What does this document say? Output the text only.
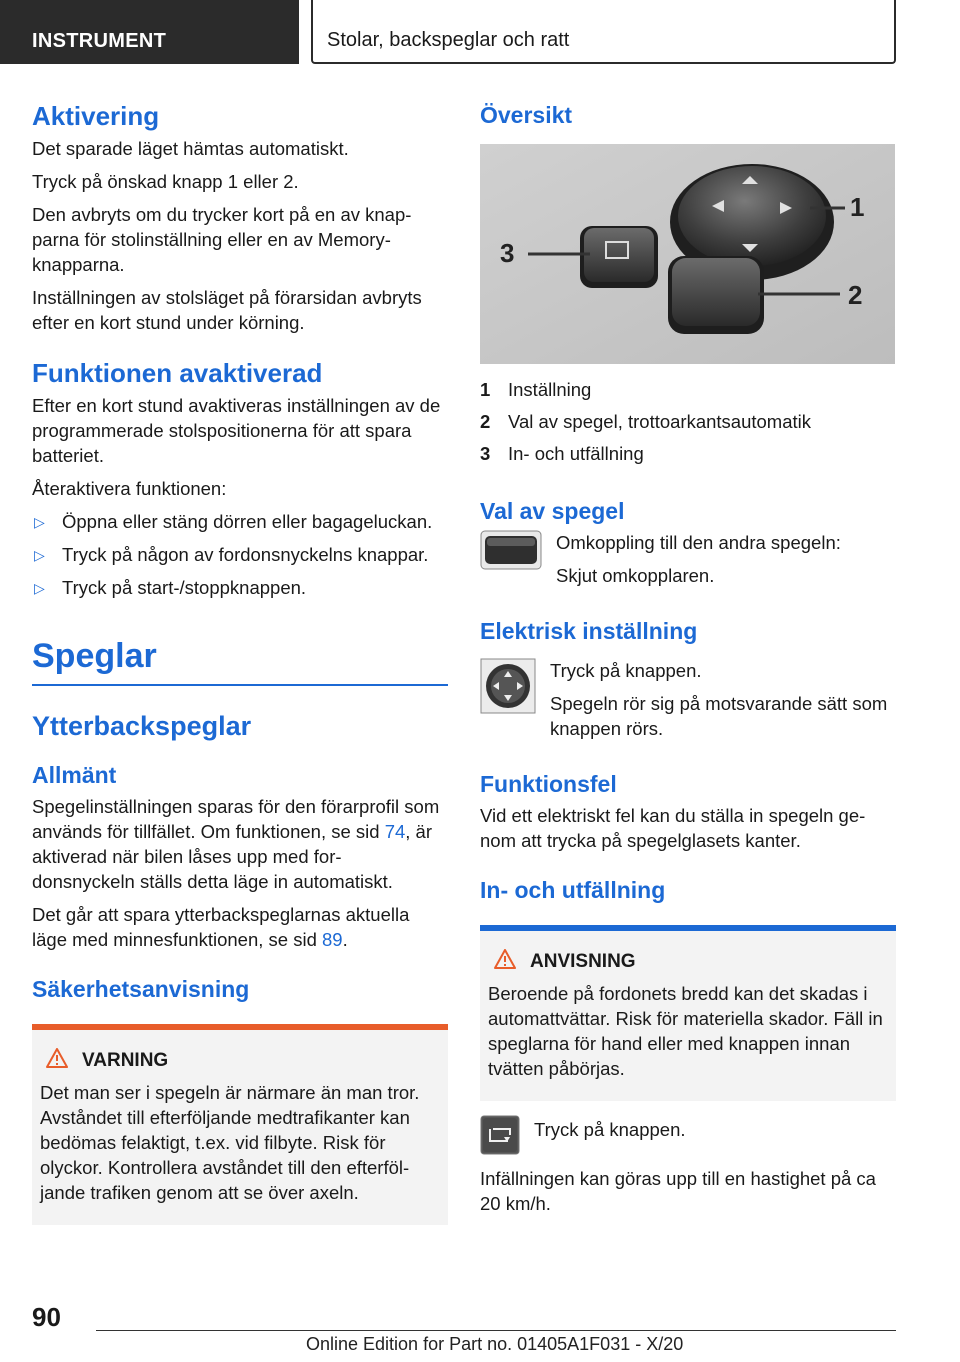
INSTRUMENT	Stolar, backspeglar och ratt
Aktivering

Det sparade läget hämtas automatiskt.

Tryck på önskad knapp 1 eller 2.

Den avbryts om du trycker kort på en av knap‐ parna för stolinställning eller en av Memory- knapparna.

Inställningen av stolsläget på förarsidan avbryts efter en kort stund under körning.

Funktionen avaktiverad

Efter en kort stund avaktiveras inställningen av de programmerade stolspositionerna för att spara batteriet.

Återaktivera funktionen:

▷ Öppna eller stäng dörren eller bagageluckan.
▷ Tryck på någon av fordonsnyckelns knappar.
▷ Tryck på start-/stoppknappen.
Speglar
Ytterbackspeglar
Allmänt

Spegelinställningen sparas för den förarprofil som används för tillfället. Om funktionen, se sid 74, är aktiverad när bilen låses upp med for‐ donsnyckeln ställs detta läge in automatiskt.

Det går att spara ytterbackspeglarnas aktuella läge med minnesfunktionen, se sid 89.

Säkerhetsanvisning
VARNING
Det man ser i spegeln är närmare än man tror. Avståndet till efterföljande medtrafikanter kan bedömas felaktigt, t.ex. vid filbyte. Risk för olyckor. Kontrollera avståndet till den efterföl‐ jande trafiken genom att se över axeln.
Översikt
1
2
3
1 Inställning
2 Val av spegel, trottoarkantsautomatik
3 In- och utfällning
Val av spegel

Omkoppling till den andra spegeln:

Skjut omkopplaren.

Elektrisk inställning

Tryck på knappen.

Spegeln rör sig på motsvarande sätt som knappen rörs.

Funktionsfel

Vid ett elektriskt fel kan du ställa in spegeln ge‐ nom att trycka på spegelglasets kanter.

In- och utfällning
ANVISNING
Beroende på fordonets bredd kan det skadas i automattvättar. Risk för materiella skador. Fäll in speglarna för hand eller med knappen innan tvätten påbörjas.

Tryck på knappen.

Infällningen kan göras upp till en hastighet på ca 20 km/h.

90
Online Edition for Part no. 01405A1F031 - X/20
